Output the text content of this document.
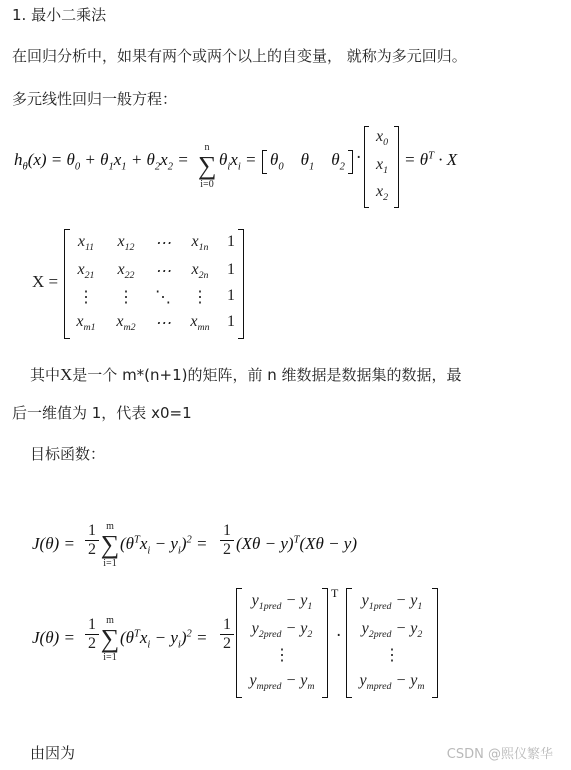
1. 最小二乘法
在回归分析中，如果有两个或两个以上的自变量， 就称为多元回归。
多元线性回归一般方程：
$h_\theta(x) = \theta_0 + \theta_1x_1 + \theta_2x_2$ =
n
∑
i=0
$\theta_ix_i = \theta_0$    $\theta_1$    $\theta_2$ ·
$x_0$
$x_1$
$x_2$
= $\theta^T \cdot X$
X =
$x_{11}$	$x_{12}$	⋯	$x_{1n}$	1
$x_{21}$	$x_{22}$	⋯	$x_{2n}$	1
⋮	⋮	⋱	⋮	1
$x_{m1}$	$x_{m2}$	⋯	$x_{mn}$	1
其中X是一个 m*(n+1)的矩阵，前 n 维数据是数据集的数据，最
后一维值为 1，代表 x0=1
目标函数：
$J(\theta) = \frac{1}{2}$ m
∑
i=1
$(\theta^Tx_i - y_i)^2 = \frac{1}{2} (X\theta - y)^T(X\theta - y)$
$J(\theta) = \frac{1}{2}$ m
∑
i=1
$(\theta^Tx_i - y_i)^2 = \frac{1}{2}$
$y_{1pred} - y_1$
$y_{2pred} - y_2$
⋮
$y_{mpred} - y_m$
T
·
$y_{1pred} - y_1$
$y_{2pred} - y_2$
⋮
$y_{mpred} - y_m$
由因为	CSDN @熙仪繁华
